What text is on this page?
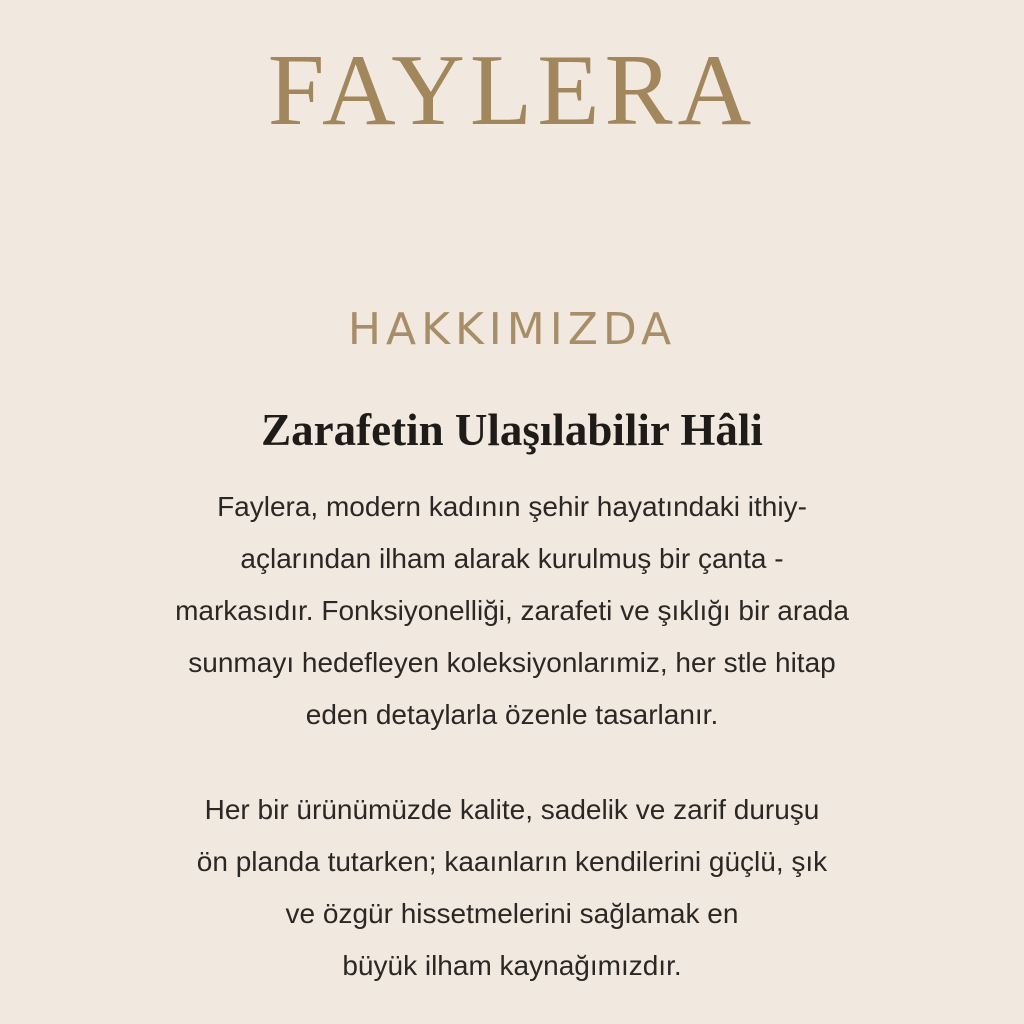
FAYLERA
HAKKIMIZDA
Zarafetin Ulaşılabilir Hâli
Faylera, modern kadının şehir hayatındaki ithiy-
açlarından ilham alarak kurulmuş bir çanta -
markasıdır. Fonksiyonelliği, zarafeti ve şıklığı bir arada
sunmayı hedefleyen koleksiyonlarımiz, her stle hitap
eden detaylarla özenle tasarlanır.
Her bir ürünümüzde kalite, sadelik ve zarif duruşu
ön planda tutarken; kaaınların kendilerini güçlü, şık
ve özgür hissetmelerini sağlamak en
büyük ilham kaynağımızdır.
